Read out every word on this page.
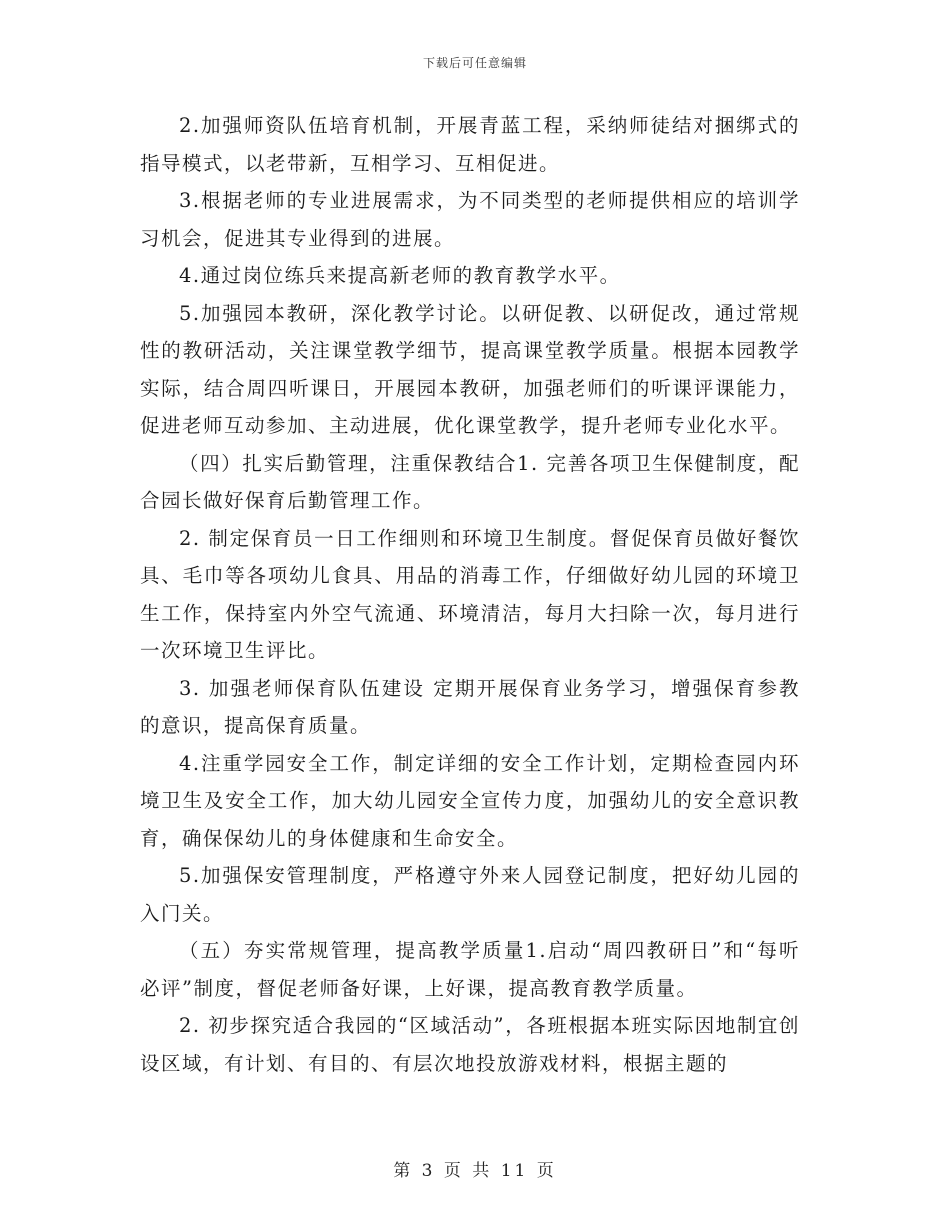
下载后可任意编辑

2.加强师资队伍培育机制，开展青蓝工程，采纳师徒结对捆绑式的指导模式，以老带新，互相学习、互相促进。

3.根据老师的专业进展需求，为不同类型的老师提供相应的培训学习机会，促进其专业得到的进展。

4.通过岗位练兵来提高新老师的教育教学水平。

5.加强园本教研，深化教学讨论。以研促教、以研促改，通过常规性的教研活动，关注课堂教学细节，提高课堂教学质量。根据本园教学实际，结合周四听课日，开展园本教研，加强老师们的听课评课能力，促进老师互动参加、主动进展，优化课堂教学，提升老师专业化水平。

（四）扎实后勤管理，注重保教结合1. 完善各项卫生保健制度，配合园长做好保育后勤管理工作。

2. 制定保育员一日工作细则和环境卫生制度。督促保育员做好餐饮具、毛巾等各项幼儿食具、用品的消毒工作，仔细做好幼儿园的环境卫生工作，保持室内外空气流通、环境清洁，每月大扫除一次，每月进行一次环境卫生评比。

3. 加强老师保育队伍建设 定期开展保育业务学习，增强保育参教的意识，提高保育质量。

4.注重学园安全工作，制定详细的安全工作计划，定期检查园内环境卫生及安全工作，加大幼儿园安全宣传力度，加强幼儿的安全意识教育，确保保幼儿的身体健康和生命安全。

5.加强保安管理制度，严格遵守外来人园登记制度，把好幼儿园的入门关。

（五）夯实常规管理，提高教学质量1.启动“周四教研日”和“每听必评”制度，督促老师备好课，上好课，提高教育教学质量。

2. 初步探究适合我园的“区域活动”，各班根据本班实际因地制宜创设区域，有计划、有目的、有层次地投放游戏材料，根据主题的

第 3 页 共 11 页
